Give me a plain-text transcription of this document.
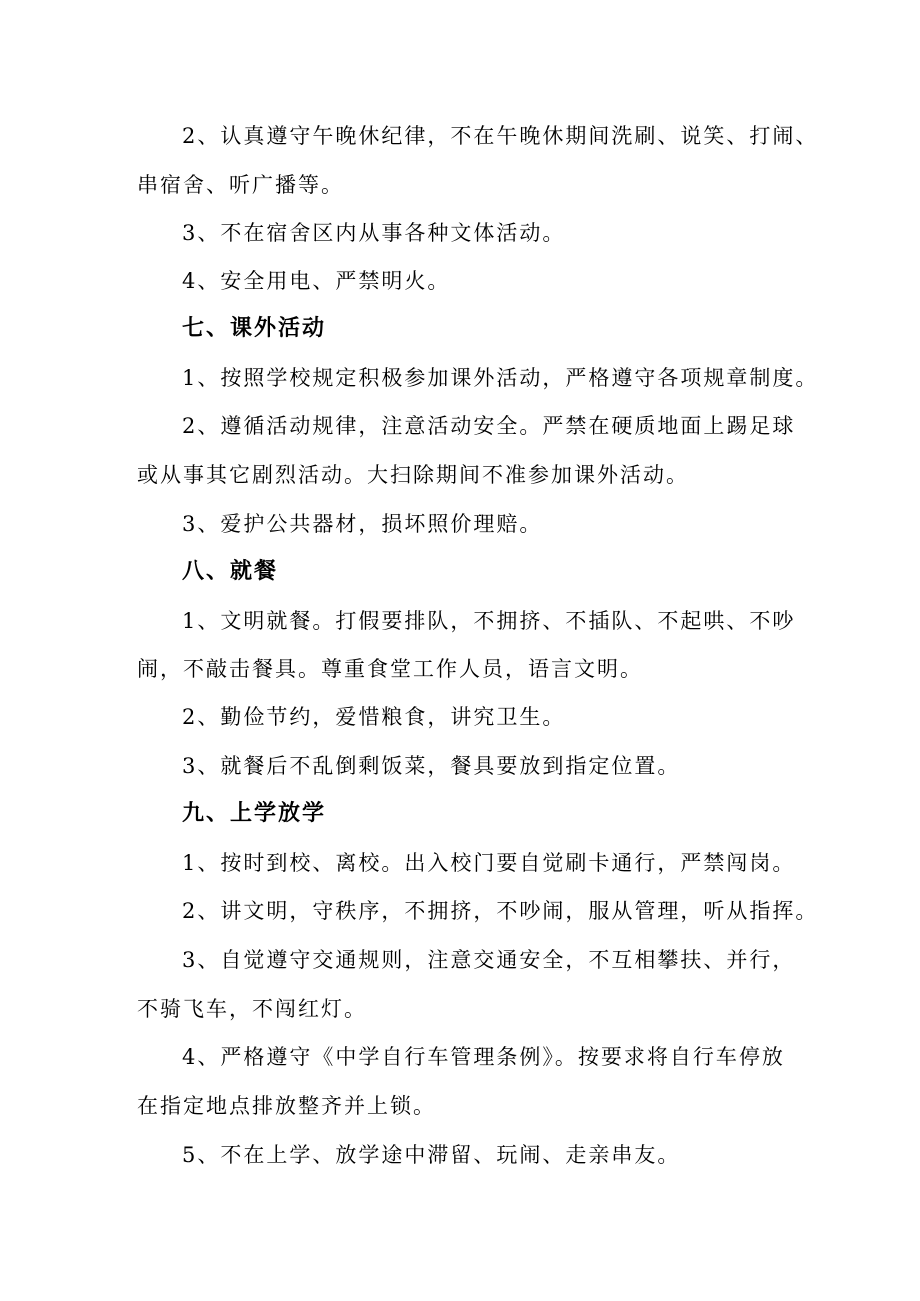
2、认真遵守午晚休纪律，不在午晚休期间洗刷、说笑、打闹、
串宿舍、听广播等。
3、不在宿舍区内从事各种文体活动。
4、安全用电、严禁明火。
七、课外活动
1、按照学校规定积极参加课外活动，严格遵守各项规章制度。
2、遵循活动规律，注意活动安全。严禁在硬质地面上踢足球
或从事其它剧烈活动。大扫除期间不准参加课外活动。
3、爱护公共器材，损坏照价理赔。
八、就餐
1、文明就餐。打假要排队，不拥挤、不插队、不起哄、不吵
闹，不敲击餐具。尊重食堂工作人员，语言文明。
2、勤俭节约，爱惜粮食，讲究卫生。
3、就餐后不乱倒剩饭菜，餐具要放到指定位置。
九、上学放学
1、按时到校、离校。出入校门要自觉刷卡通行，严禁闯岗。
2、讲文明，守秩序，不拥挤，不吵闹，服从管理，听从指挥。
3、自觉遵守交通规则，注意交通安全，不互相攀扶、并行，
不骑飞车，不闯红灯。
4、严格遵守《中学自行车管理条例》。按要求将自行车停放
在指定地点排放整齐并上锁。
5、不在上学、放学途中滞留、玩闹、走亲串友。
